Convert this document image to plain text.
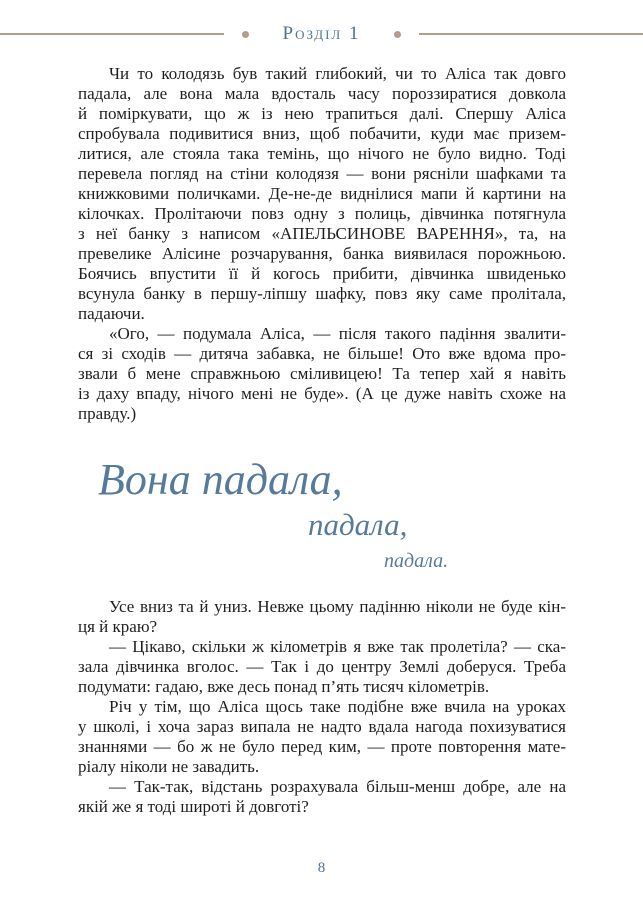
Розділ 1
Чи то колодязь був такий глибокий, чи то Аліса так довго
падала, але вона мала вдосталь часу пороззиратися довкола
й поміркувати, що ж із нею трапиться далі. Спершу Аліса
спробувала подивитися вниз, щоб побачити, куди має призем-
литися, але стояла така темінь, що нічого не було видно. Тоді
перевела погляд на стіни колодязя — вони рясніли шафками та
книжковими поличками. Де-не-де виднілися мапи й картини на
кілочках. Пролітаючи повз одну з полиць, дівчинка потягнула
з неї банку з написом «АПЕЛЬСИНОВЕ ВАРЕННЯ», та, на
превелике Алісине розчарування, банка виявилася порожньою.
Боячись впустити її й когось прибити, дівчинка швиденько
всунула банку в першу-ліпшу шафку, повз яку саме пролітала,
падаючи.
«Ого, — подумала Аліса, — після такого падіння звалити-
ся зі сходів — дитяча забавка, не більше! Ото вже вдома про-
звали б мене справжньою сміливицею! Та тепер хай я навіть
із даху впаду, нічого мені не буде». (А це дуже навіть схоже на
правду.)
Вона падала,
падала,
падала.
Усе вниз та й униз. Невже цьому падінню ніколи не буде кін-
ця й краю?
— Цікаво, скільки ж кілометрів я вже так пролетіла? — ска-
зала дівчинка вголос. — Так і до центру Землі доберуся. Треба
подумати: гадаю, вже десь понад п’ять тисяч кілометрів.
Річ у тім, що Аліса щось таке подібне вже вчила на уроках
у школі, і хоча зараз випала не надто вдала нагода похизуватися
знаннями — бо ж не було перед ким, — проте повторення мате-
ріалу ніколи не завадить.
— Так-так, відстань розрахувала більш-менш добре, але на
якій же я тоді широті й довготі?
8
